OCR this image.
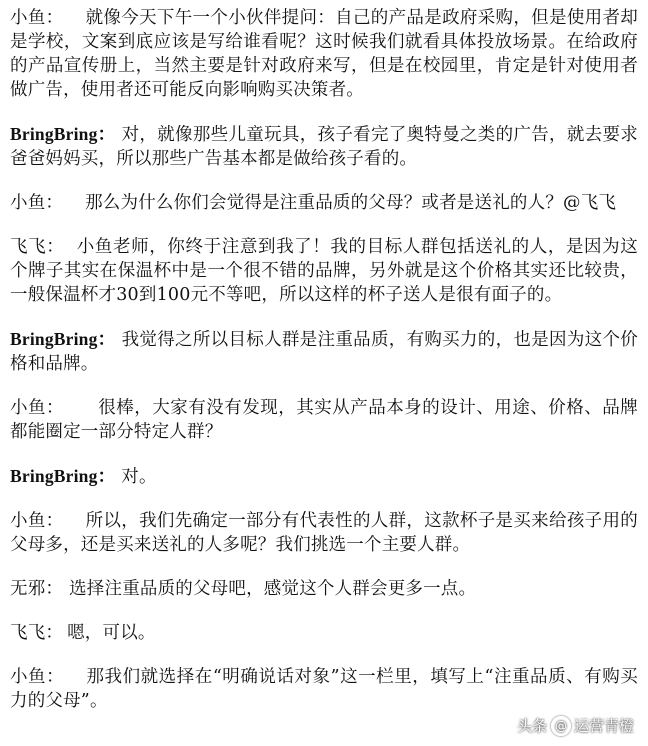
小鱼： 就像今天下午一个小伙伴提问：自己的产品是政府采购，但是使用者却是学校，文案到底应该是写给谁看呢？这时候我们就看具体投放场景。在给政府的产品宣传册上，当然主要是针对政府来写，但是在校园里，肯定是针对使用者做广告，使用者还可能反向影响购买决策者。

BringBring： 对，就像那些儿童玩具，孩子看完了奥特曼之类的广告，就去要求爸爸妈妈买，所以那些广告基本都是做给孩子看的。

小鱼： 那么为什么你们会觉得是注重品质的父母？或者是送礼的人？@飞飞

飞飞： 小鱼老师，你终于注意到我了！我的目标人群包括送礼的人，是因为这个牌子其实在保温杯中是一个很不错的品牌，另外就是这个价格其实还比较贵，一般保温杯才30到100元不等吧，所以这样的杯子送人是很有面子的。

BringBring： 我觉得之所以目标人群是注重品质，有购买力的，也是因为这个价格和品牌。

小鱼： 很棒，大家有没有发现，其实从产品本身的设计、用途、价格、品牌都能圈定一部分特定人群？

BringBring： 对。

小鱼： 所以，我们先确定一部分有代表性的人群，这款杯子是买来给孩子用的父母多，还是买来送礼的人多呢？我们挑选一个主要人群。

无邪： 选择注重品质的父母吧，感觉这个人群会更多一点。

飞飞： 嗯，可以。

小鱼： 那我们就选择在“明确说话对象”这一栏里，填写上“注重品质、有购买力的父母”。

头条 @ 运营青橙
